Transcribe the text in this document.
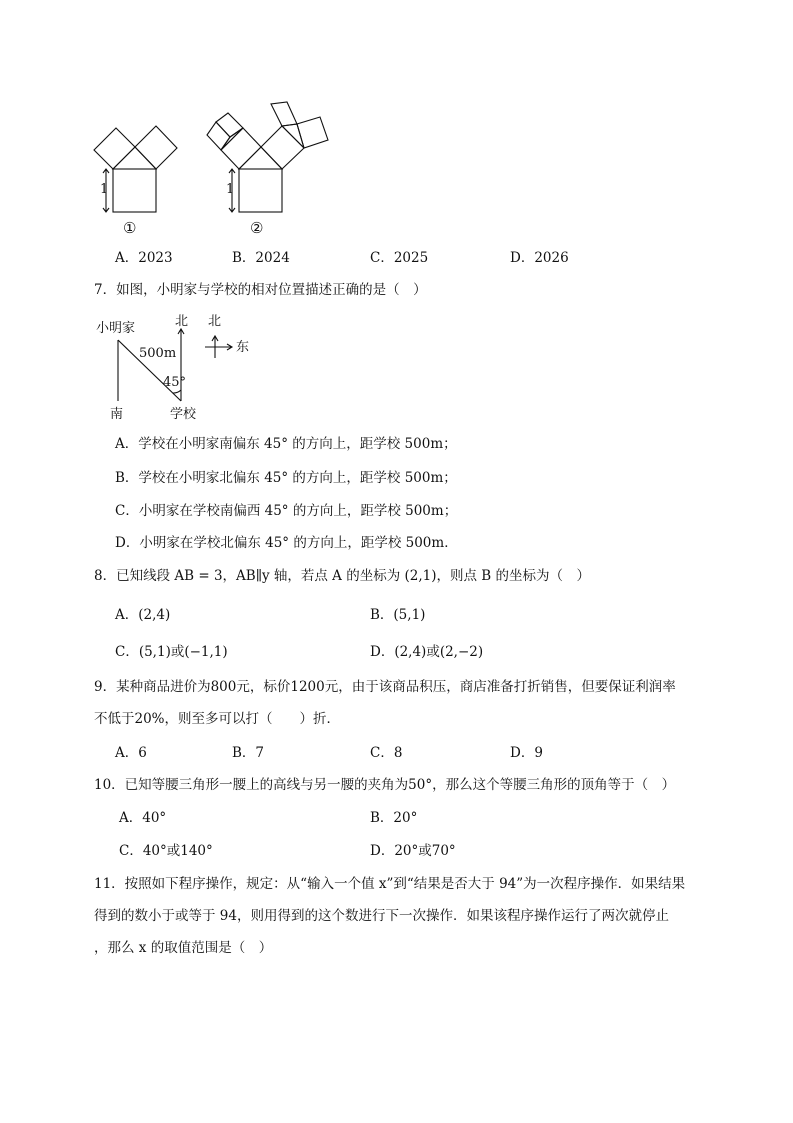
1	1
①	②
A．2023	B．2024	C．2025	D．2026
7．如图，小明家与学校的相对位置描述正确的是（　）
小明家	北 北
东
500m
45°
南	学校
A．学校在小明家南偏东 45° 的方向上，距学校 500m；
B．学校在小明家北偏东 45° 的方向上，距学校 500m；
C．小明家在学校南偏西 45° 的方向上，距学校 500m；
D．小明家在学校北偏东 45° 的方向上，距学校 500m．
8．已知线段 AB = 3，AB∥y 轴，若点 A 的坐标为 (2,1)，则点 B 的坐标为（　）
A．(2,4)	B．(5,1)
C．(5,1)或(−1,1)	D．(2,4)或(2,−2)
9．某种商品进价为800元，标价1200元，由于该商品积压，商店准备打折销售，但要保证利润率
不低于20%，则至多可以打（　　）折．
A．6	B．7	C．8	D．9
10．已知等腰三角形一腰上的高线与另一腰的夹角为50°，那么这个等腰三角形的顶角等于（　）
A．40°	B．20°
C．40°或140°	D．20°或70°
11．按照如下程序操作，规定：从“输入一个值 x”到“结果是否大于 94”为一次程序操作．如果结果
得到的数小于或等于 94，则用得到的这个数进行下一次操作．如果该程序操作运行了两次就停止
，那么 x 的取值范围是（　）
